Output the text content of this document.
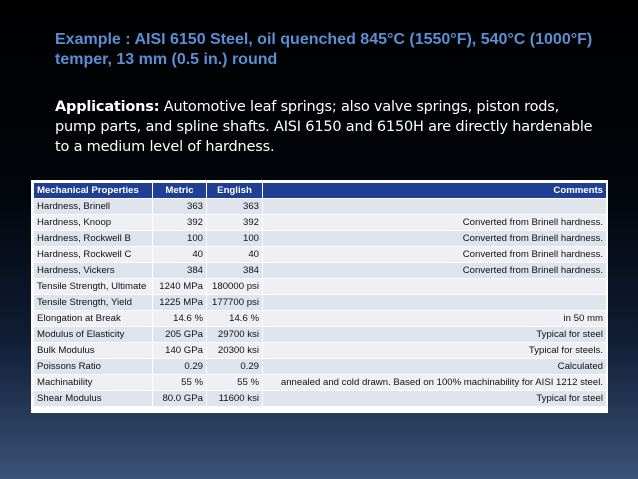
Example : AISI 6150 Steel, oil quenched 845°C (1550°F), 540°C (1000°F) temper, 13 mm (0.5 in.) round
Applications: Automotive leaf springs; also valve springs, piston rods, pump parts, and spline shafts. AISI 6150 and 6150H are directly hardenable to a medium level of hardness.
Mechanical Properties	Metric	English	Comments
Hardness, Brinell	363	363	
Hardness, Knoop	392	392	Converted from Brinell hardness.
Hardness, Rockwell B	100	100	Converted from Brinell hardness.
Hardness, Rockwell C	40	40	Converted from Brinell hardness.
Hardness, Vickers	384	384	Converted from Brinell hardness.
Tensile Strength, Ultimate	1240 MPa	180000 psi	
Tensile Strength, Yield	1225 MPa	177700 psi	
Elongation at Break	14.6 %	14.6 %	in 50 mm
Modulus of Elasticity	205 GPa	29700 ksi	Typical for steel
Bulk Modulus	140 GPa	20300 ksi	Typical for steels.
Poissons Ratio	0.29	0.29	Calculated
Machinability	55 %	55 %	annealed and cold drawn. Based on 100% machinability for AISI 1212 steel.
Shear Modulus	80.0 GPa	11600 ksi	Typical for steel
